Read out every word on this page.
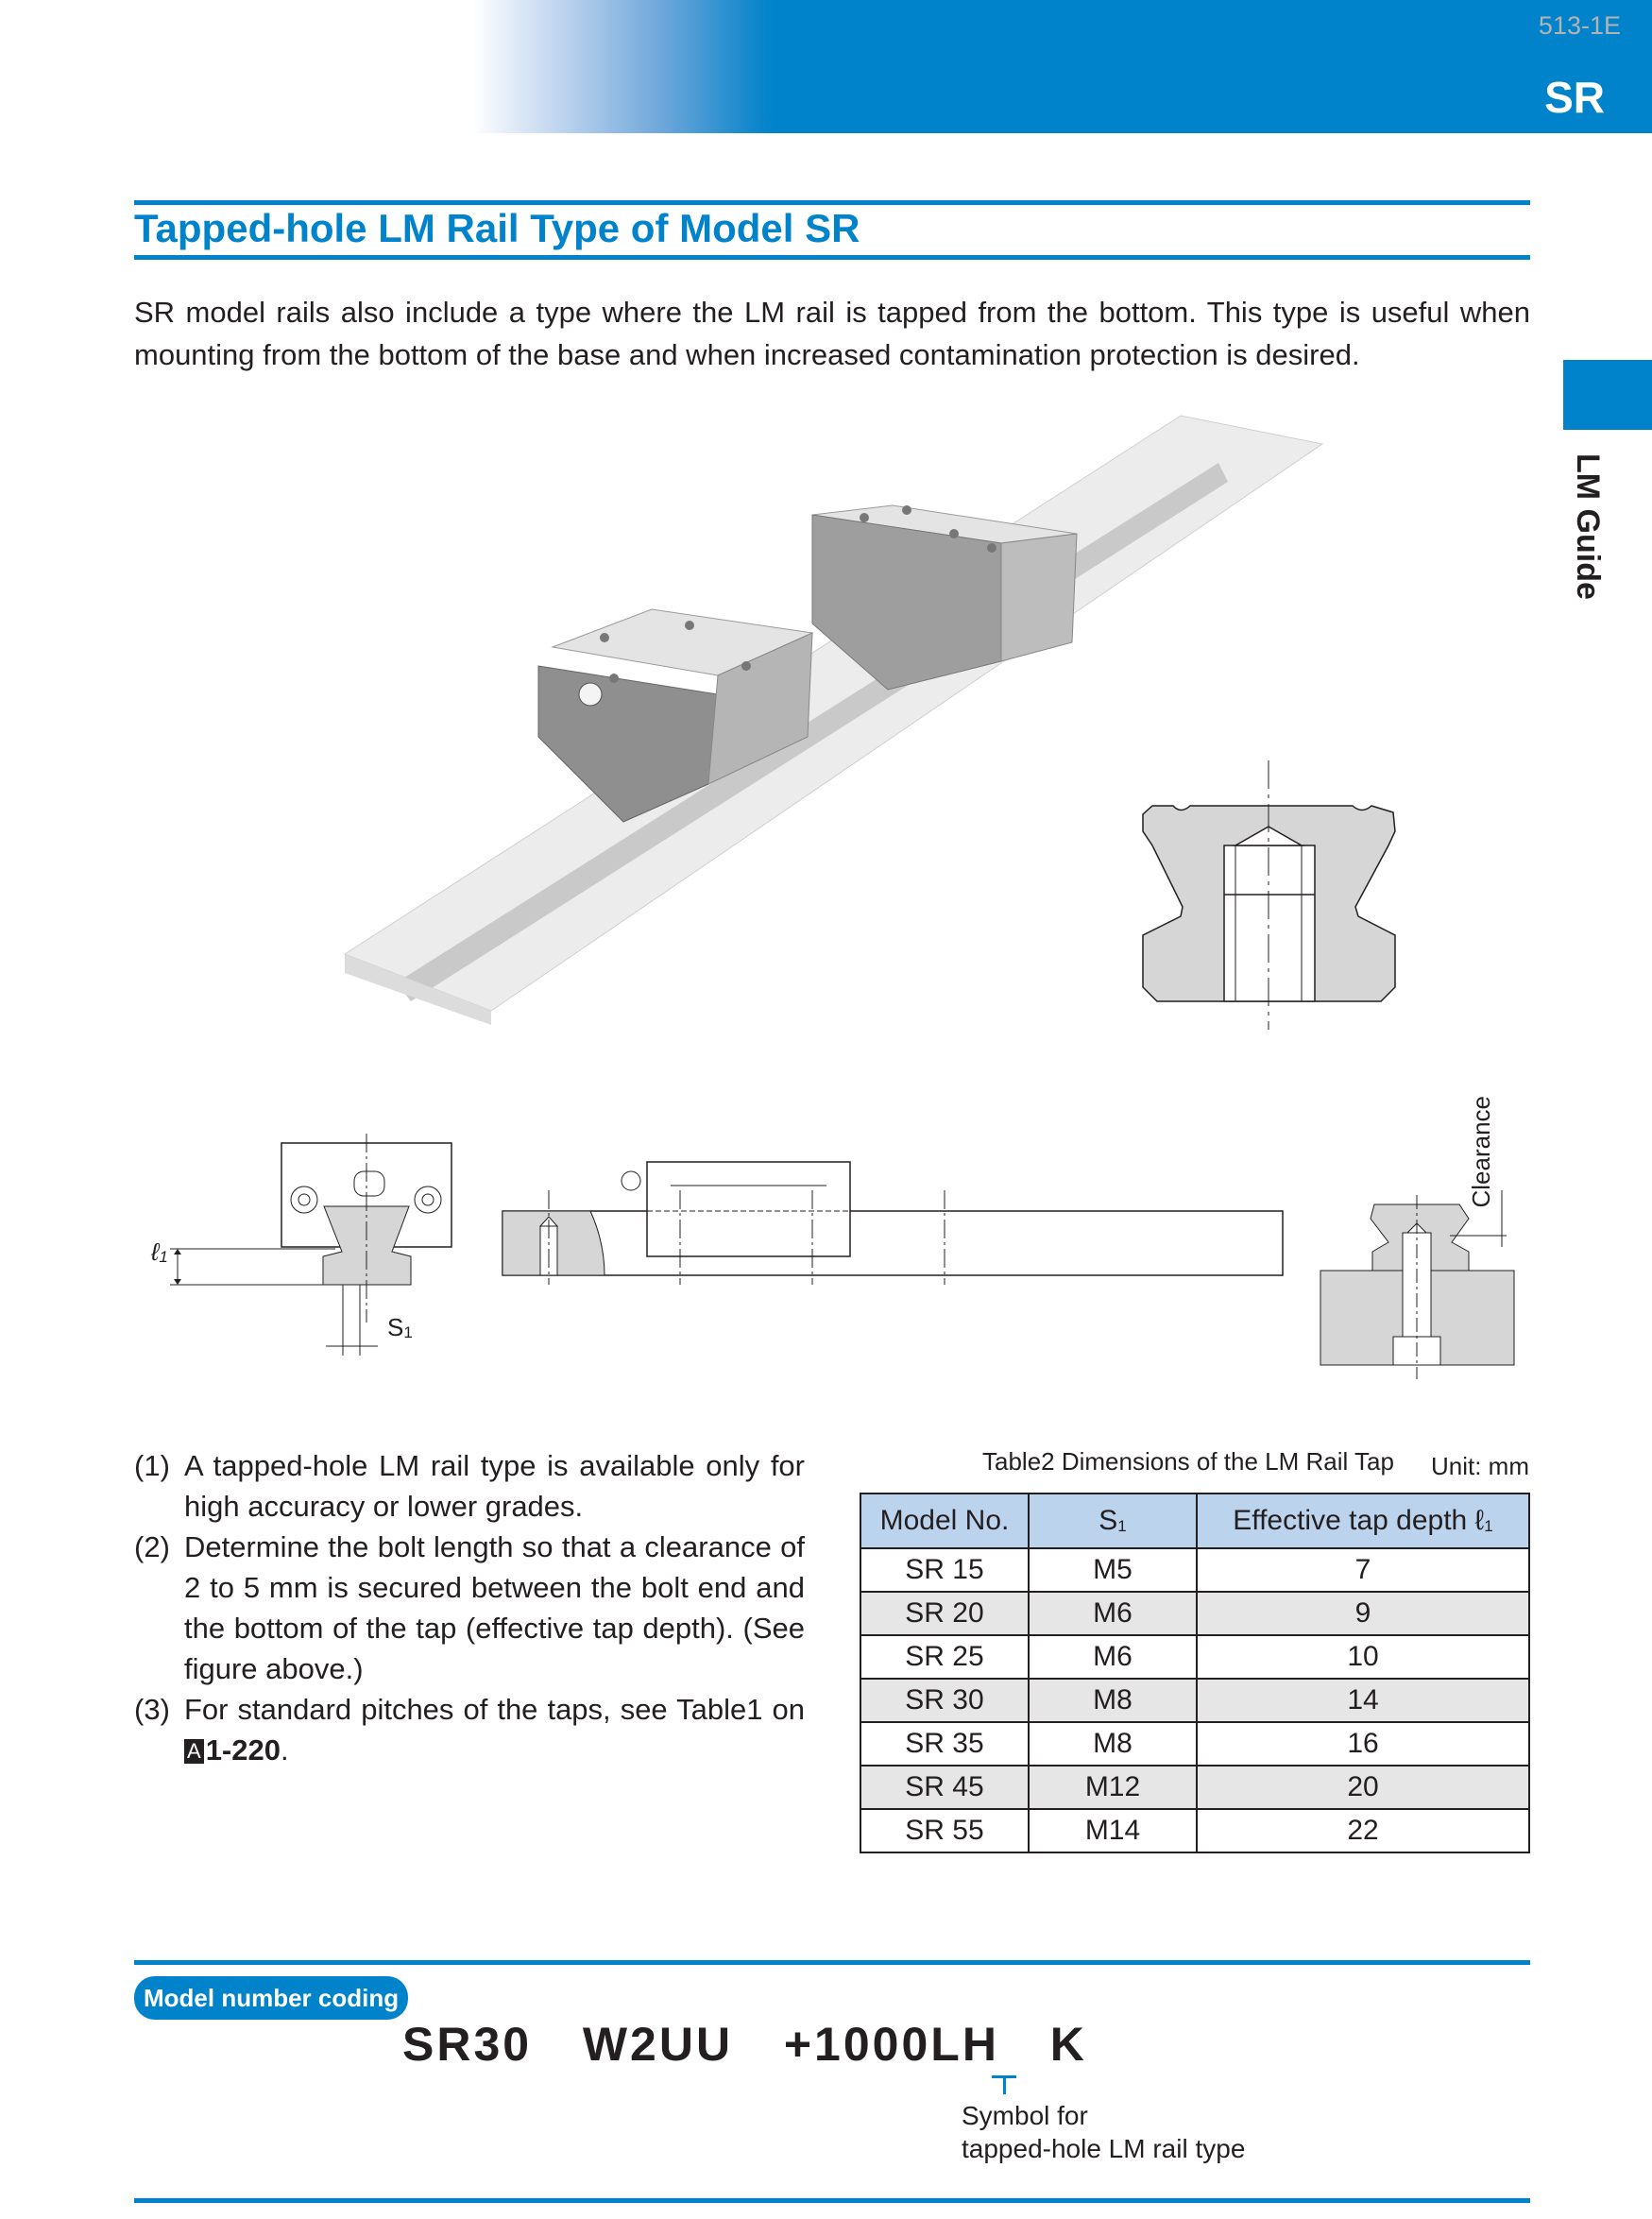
513-1E
SR
LM Guide
Tapped-hole LM Rail Type of Model SR
SR model rails also include a type where the LM rail is tapped from the bottom. This type is useful when mounting from the bottom of the base and when increased contamination protection is desired.
ℓ$_1$
$S_1$
Clearance
(1) A tapped-hole LM rail type is available only for high accuracy or lower grades.
(2) Determine the bolt length so that a clearance of 2 to 5 mm is secured between the bolt end and the bottom of the tap (effective tap depth). (See figure above.)
(3) For standard pitches of the taps, see Table1 on A 1-220.
Table2 Dimensions of the LM Rail Tap Unit: mm
Model No.	$S_1$	Effective tap depth ℓ$_1$
SR 15	M5	7
SR 20	M6	9
SR 25	M6	10
SR 30	M8	14
SR 35	M8	16
SR 45	M12	20
SR 55	M14	22
Model number coding
SR30  W2UU  +1000LH  K
Symbol for
tapped-hole LM rail type
